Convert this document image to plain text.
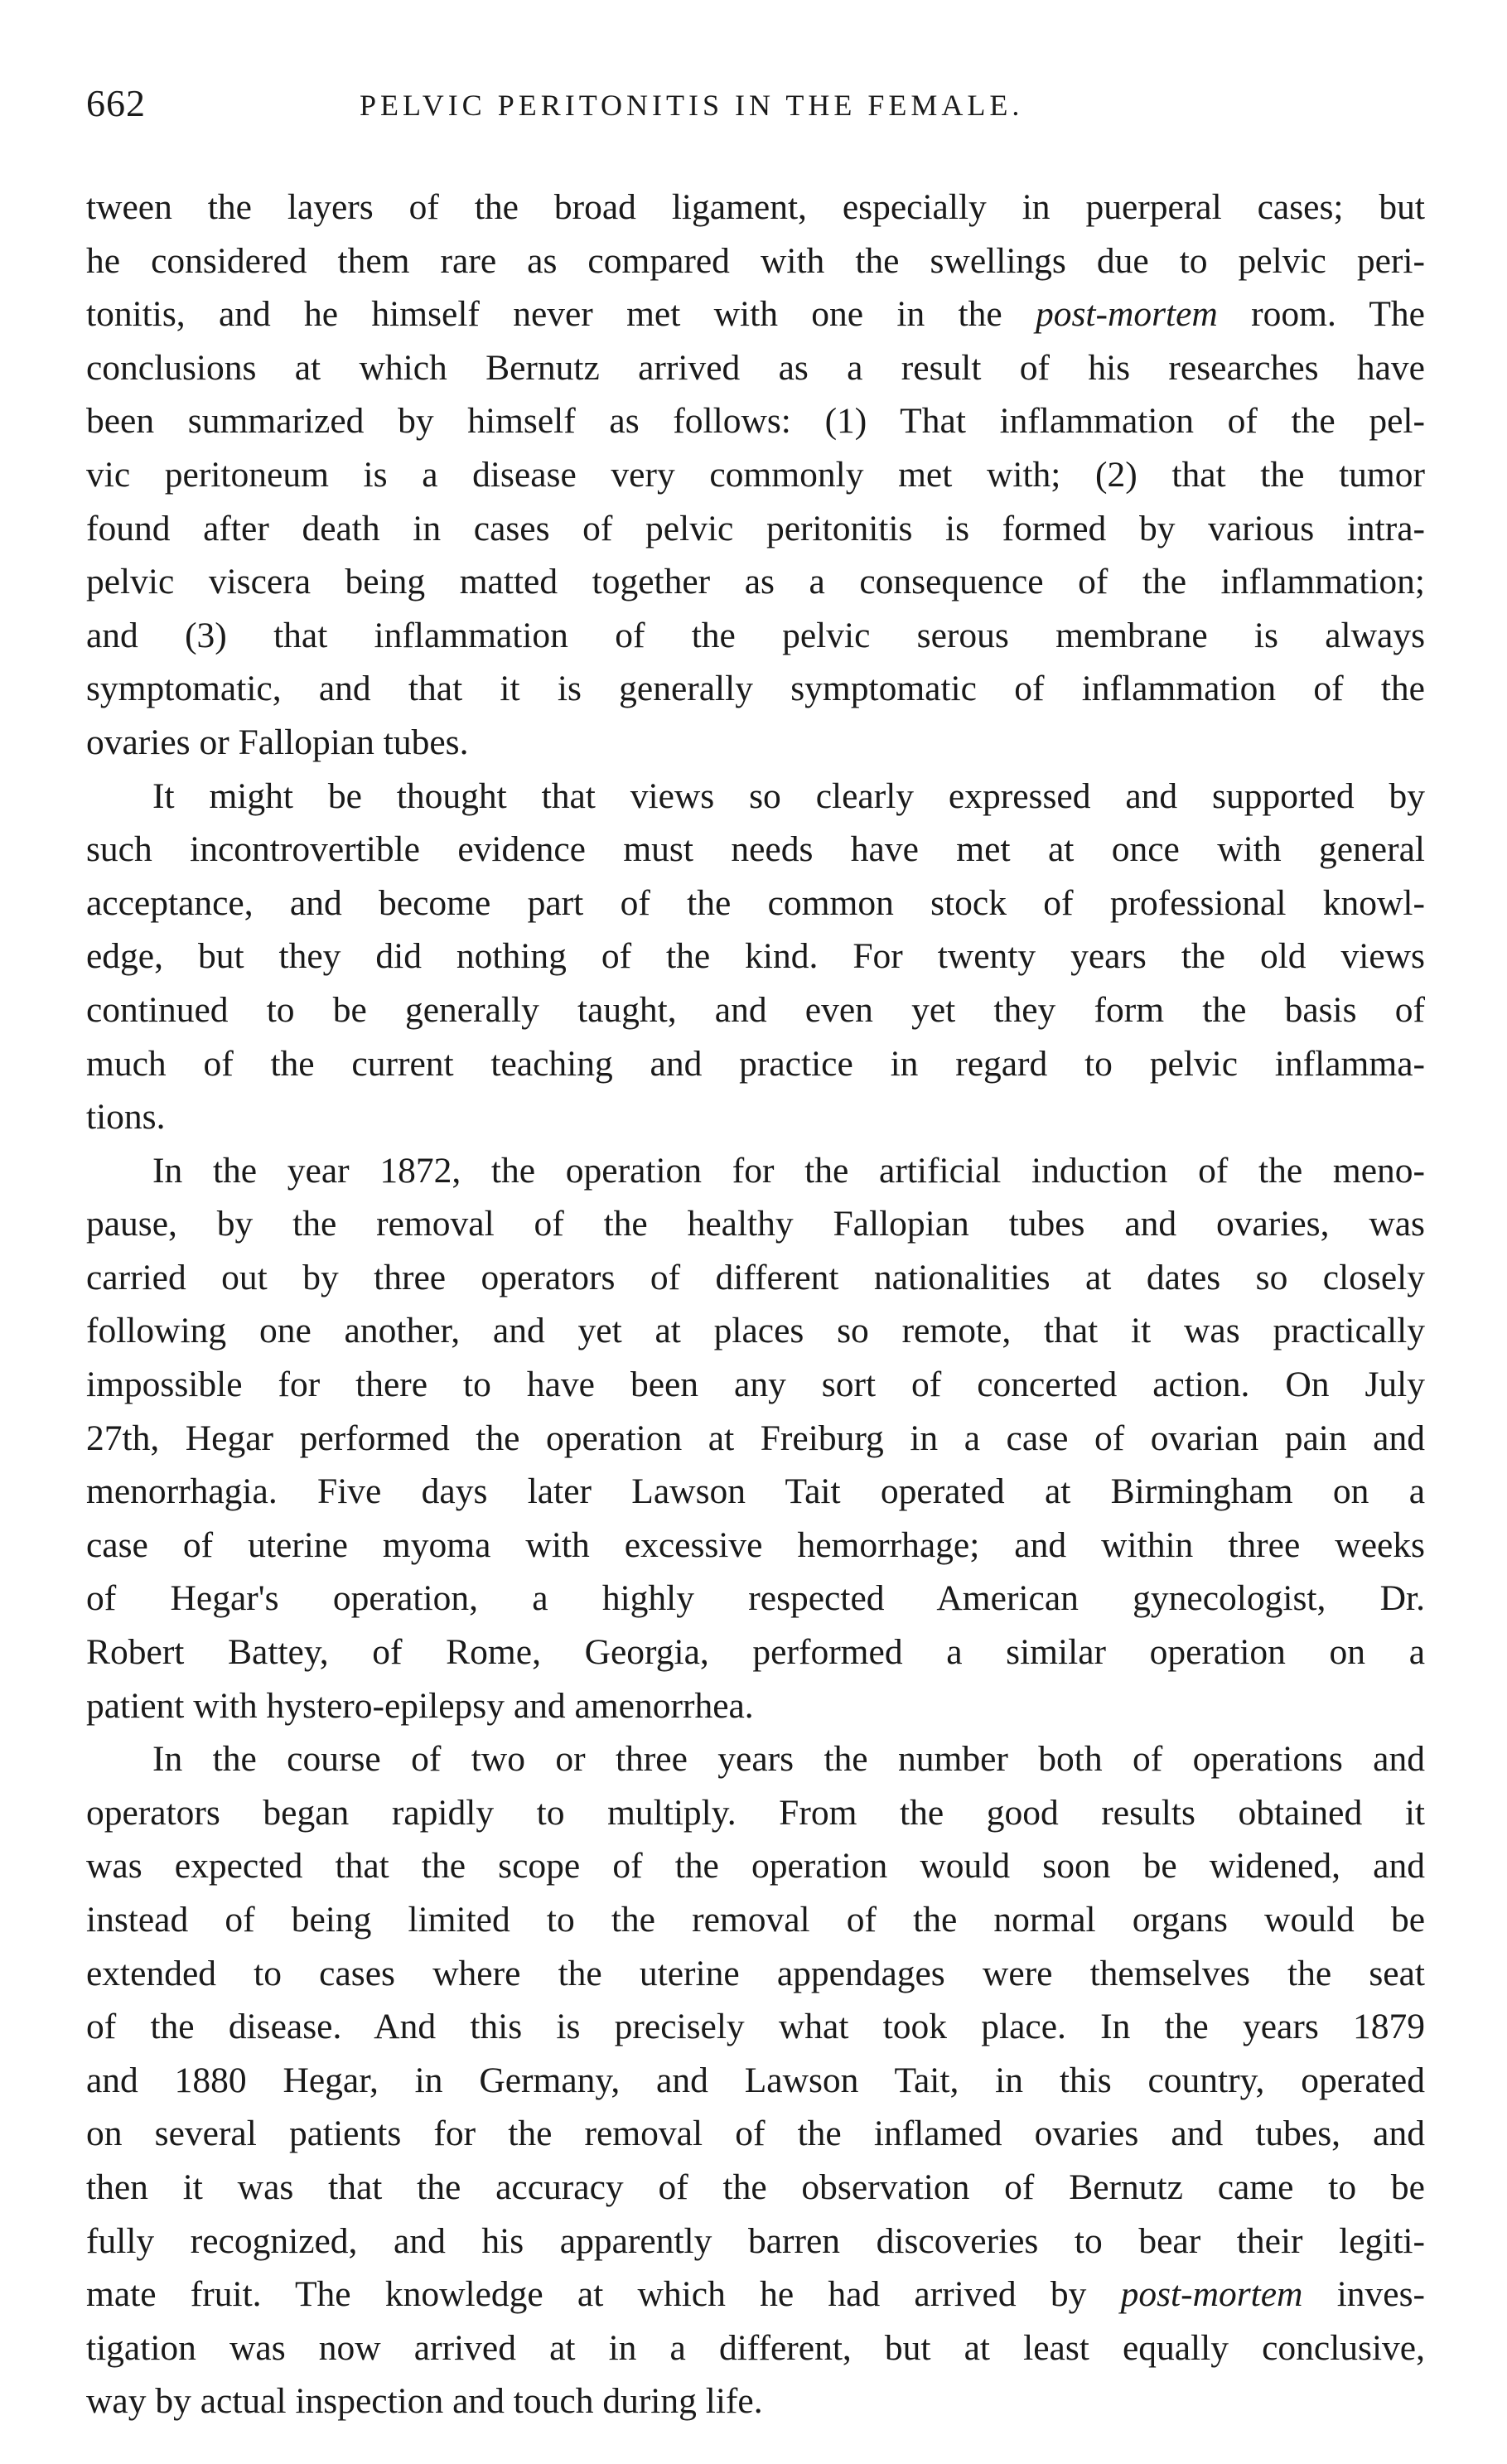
662	PELVIC PERITONITIS IN THE FEMALE.

tween the layers of the broad ligament, especially in puerperal cases; but
he considered them rare as compared with the swellings due to pelvic peri-
tonitis, and he himself never met with one in the post-mortem room. The
conclusions at which Bernutz arrived as a result of his researches have
been summarized by himself as follows: (1) That inflammation of the pel-
vic peritoneum is a disease very commonly met with; (2) that the tumor
found after death in cases of pelvic peritonitis is formed by various intra-
pelvic viscera being matted together as a consequence of the inflammation;
and (3) that inflammation of the pelvic serous membrane is always
symptomatic, and that it is generally symptomatic of inflammation of the
ovaries or Fallopian tubes.

It might be thought that views so clearly expressed and supported by
such incontrovertible evidence must needs have met at once with general
acceptance, and become part of the common stock of professional knowl-
edge, but they did nothing of the kind. For twenty years the old views
continued to be generally taught, and even yet they form the basis of
much of the current teaching and practice in regard to pelvic inflamma-
tions.

In the year 1872, the operation for the artificial induction of the meno-
pause, by the removal of the healthy Fallopian tubes and ovaries, was
carried out by three operators of different nationalities at dates so closely
following one another, and yet at places so remote, that it was practically
impossible for there to have been any sort of concerted action. On July
27th, Hegar performed the operation at Freiburg in a case of ovarian pain and
menorrhagia. Five days later Lawson Tait operated at Birmingham on a
case of uterine myoma with excessive hemorrhage; and within three weeks
of Hegar's operation, a highly respected American gynecologist, Dr.
Robert Battey, of Rome, Georgia, performed a similar operation on a
patient with hystero-epilepsy and amenorrhea.

In the course of two or three years the number both of operations and
operators began rapidly to multiply. From the good results obtained it
was expected that the scope of the operation would soon be widened, and
instead of being limited to the removal of the normal organs would be
extended to cases where the uterine appendages were themselves the seat
of the disease. And this is precisely what took place. In the years 1879
and 1880 Hegar, in Germany, and Lawson Tait, in this country, operated
on several patients for the removal of the inflamed ovaries and tubes, and
then it was that the accuracy of the observation of Bernutz came to be
fully recognized, and his apparently barren discoveries to bear their legiti-
mate fruit. The knowledge at which he had arrived by post-mortem inves-
tigation was now arrived at in a different, but at least equally conclusive,
way by actual inspection and touch during life.
